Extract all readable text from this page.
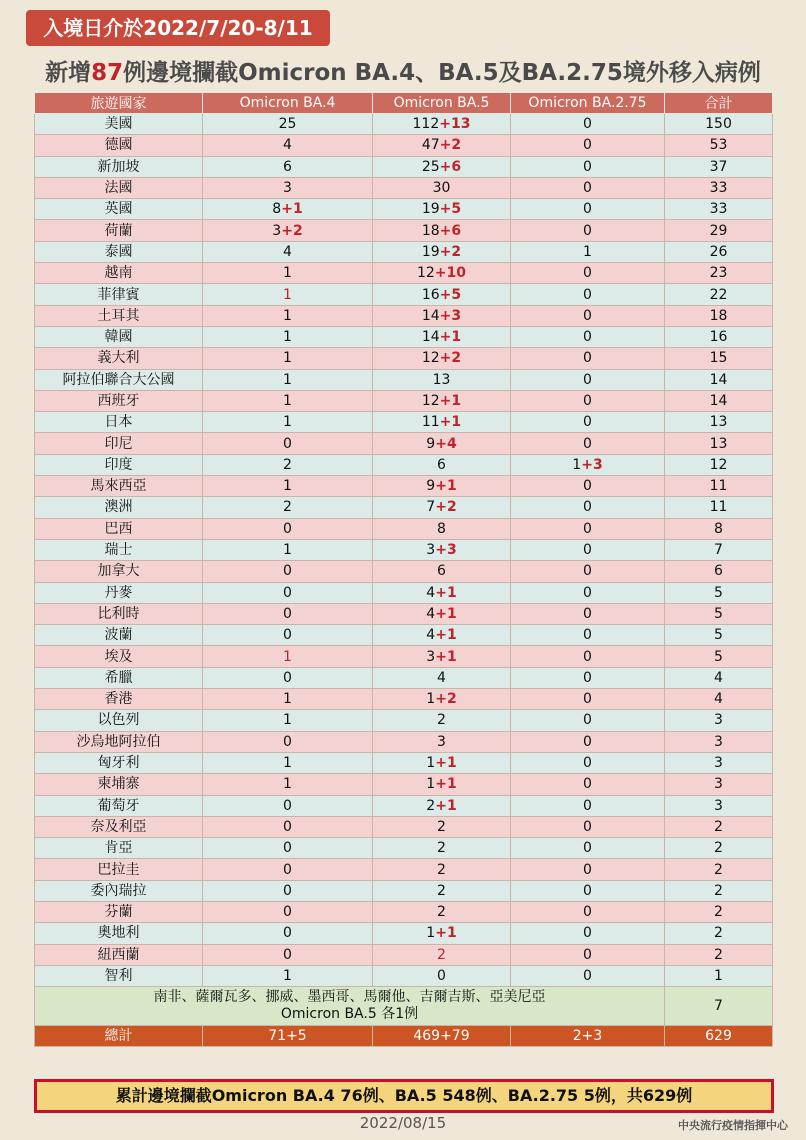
入境日介於2022/7/20-8/11
新增87例邊境攔截Omicron BA.4、BA.5及BA.2.75境外移入病例
旅遊國家	Omicron BA.4	Omicron BA.5	Omicron BA.2.75	合計
美國	25	112+13	0	150
德國	4	47+2	0	53
新加坡	6	25+6	0	37
法國	3	30	0	33
英國	8+1	19+5	0	33
荷蘭	3+2	18+6	0	29
泰國	4	19+2	1	26
越南	1	12+10	0	23
菲律賓	1	16+5	0	22
土耳其	1	14+3	0	18
韓國	1	14+1	0	16
義大利	1	12+2	0	15
阿拉伯聯合大公國	1	13	0	14
西班牙	1	12+1	0	14
日本	1	11+1	0	13
印尼	0	9+4	0	13
印度	2	6	1+3	12
馬來西亞	1	9+1	0	11
澳洲	2	7+2	0	11
巴西	0	8	0	8
瑞士	1	3+3	0	7
加拿大	0	6	0	6
丹麥	0	4+1	0	5
比利時	0	4+1	0	5
波蘭	0	4+1	0	5
埃及	1	3+1	0	5
希臘	0	4	0	4
香港	1	1+2	0	4
以色列	1	2	0	3
沙烏地阿拉伯	0	3	0	3
匈牙利	1	1+1	0	3
柬埔寨	1	1+1	0	3
葡萄牙	0	2+1	0	3
奈及利亞	0	2	0	2
肯亞	0	2	0	2
巴拉圭	0	2	0	2
委內瑞拉	0	2	0	2
芬蘭	0	2	0	2
奧地利	0	1+1	0	2
紐西蘭	0	2	0	2
智利	1	0	0	1

南非、薩爾瓦多、挪威、墨西哥、馬爾他、吉爾吉斯、亞美尼亞
Omicron BA.5 各1例				7
總計	71+5	469+79	2+3	629
累計邊境攔截Omicron BA.4 76例、BA.5 548例、BA.2.75 5例，共629例
2022/08/15	中央流行疫情指揮中心
